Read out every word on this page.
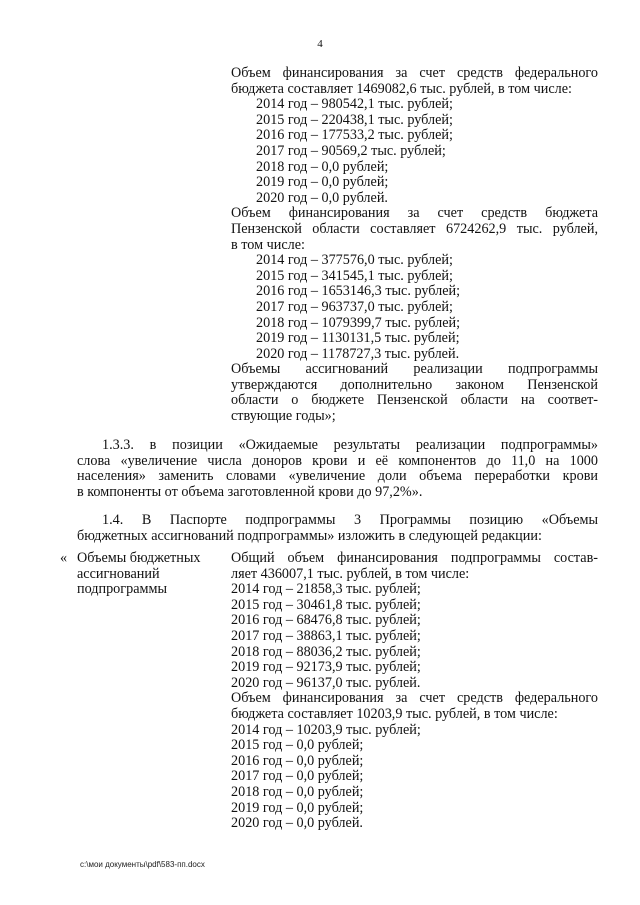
4
Объем финансирования за счет средств федерального
бюджета составляет 1469082,6 тыс. рублей, в том числе:
2014 год – 980542,1 тыс. рублей;
2015 год – 220438,1 тыс. рублей;
2016 год – 177533,2 тыс. рублей;
2017 год – 90569,2 тыс. рублей;
2018 год – 0,0 рублей;
2019 год – 0,0 рублей;
2020 год – 0,0 рублей.
Объем финансирования за счет средств бюджета
Пензенской области составляет 6724262,9 тыс. рублей,
в том числе:
2014 год – 377576,0 тыс. рублей;
2015 год – 341545,1 тыс. рублей;
2016 год – 1653146,3 тыс. рублей;
2017 год – 963737,0 тыс. рублей;
2018 год – 1079399,7 тыс. рублей;
2019 год – 1130131,5 тыс. рублей;
2020 год – 1178727,3 тыс. рублей.
Объемы ассигнований реализации подпрограммы
утверждаются дополнительно законом Пензенской
области о бюджете Пензенской области на соответ-
ствующие годы»;
1.3.3. в позиции «Ожидаемые результаты реализации подпрограммы»
слова «увеличение числа доноров крови и её компонентов до 11,0 на 1000
населения» заменить словами «увеличение доли объема переработки крови
в компоненты от объема заготовленной крови до 97,2%».
1.4. В Паспорте подпрограммы 3 Программы позицию «Объемы
бюджетных ассигнований подпрограммы» изложить в следующей редакции:
« Объемы бюджетных
ассигнований
подпрограммы
Общий объем финансирования подпрограммы состав-
ляет 436007,1 тыс. рублей, в том числе:
2014 год – 21858,3 тыс. рублей;
2015 год – 30461,8 тыс. рублей;
2016 год – 68476,8 тыс. рублей;
2017 год – 38863,1 тыс. рублей;
2018 год – 88036,2 тыс. рублей;
2019 год – 92173,9 тыс. рублей;
2020 год – 96137,0 тыс. рублей.
Объем финансирования за счет средств федерального
бюджета составляет 10203,9 тыс. рублей, в том числе:
2014 год – 10203,9 тыс. рублей;
2015 год – 0,0 рублей;
2016 год – 0,0 рублей;
2017 год – 0,0 рублей;
2018 год – 0,0 рублей;
2019 год – 0,0 рублей;
2020 год – 0,0 рублей.
c:\мои документы\pdf\583-пп.docx
